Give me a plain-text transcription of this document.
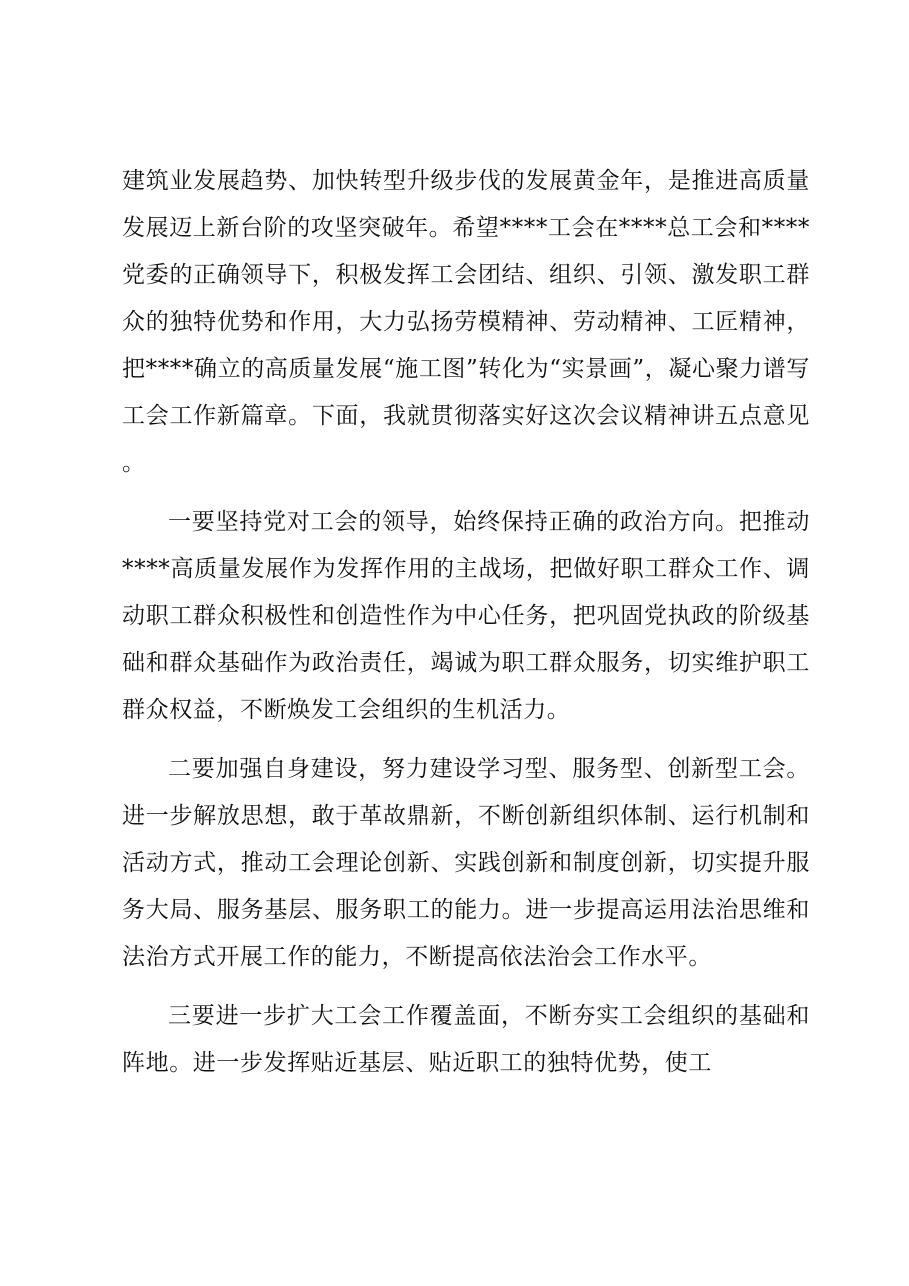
建筑业发展趋势、加快转型升级步伐的发展黄金年，是推进高质量发展迈上新台阶的攻坚突破年。希望****工会在****总工会和****党委的正确领导下，积极发挥工会团结、组织、引领、激发职工群众的独特优势和作用，大力弘扬劳模精神、劳动精神、工匠精神，把****确立的高质量发展“施工图”转化为“实景画”，凝心聚力谱写工会工作新篇章。下面，我就贯彻落实好这次会议精神讲五点意见。

一要坚持党对工会的领导，始终保持正确的政治方向。把推动****高质量发展作为发挥作用的主战场，把做好职工群众工作、调动职工群众积极性和创造性作为中心任务，把巩固党执政的阶级基础和群众基础作为政治责任，竭诚为职工群众服务，切实维护职工群众权益，不断焕发工会组织的生机活力。

二要加强自身建设，努力建设学习型、服务型、创新型工会。进一步解放思想，敢于革故鼎新，不断创新组织体制、运行机制和活动方式，推动工会理论创新、实践创新和制度创新，切实提升服务大局、服务基层、服务职工的能力。进一步提高运用法治思维和法治方式开展工作的能力，不断提高依法治会工作水平。

三要进一步扩大工会工作覆盖面，不断夯实工会组织的基础和阵地。进一步发挥贴近基层、贴近职工的独特优势，使工
